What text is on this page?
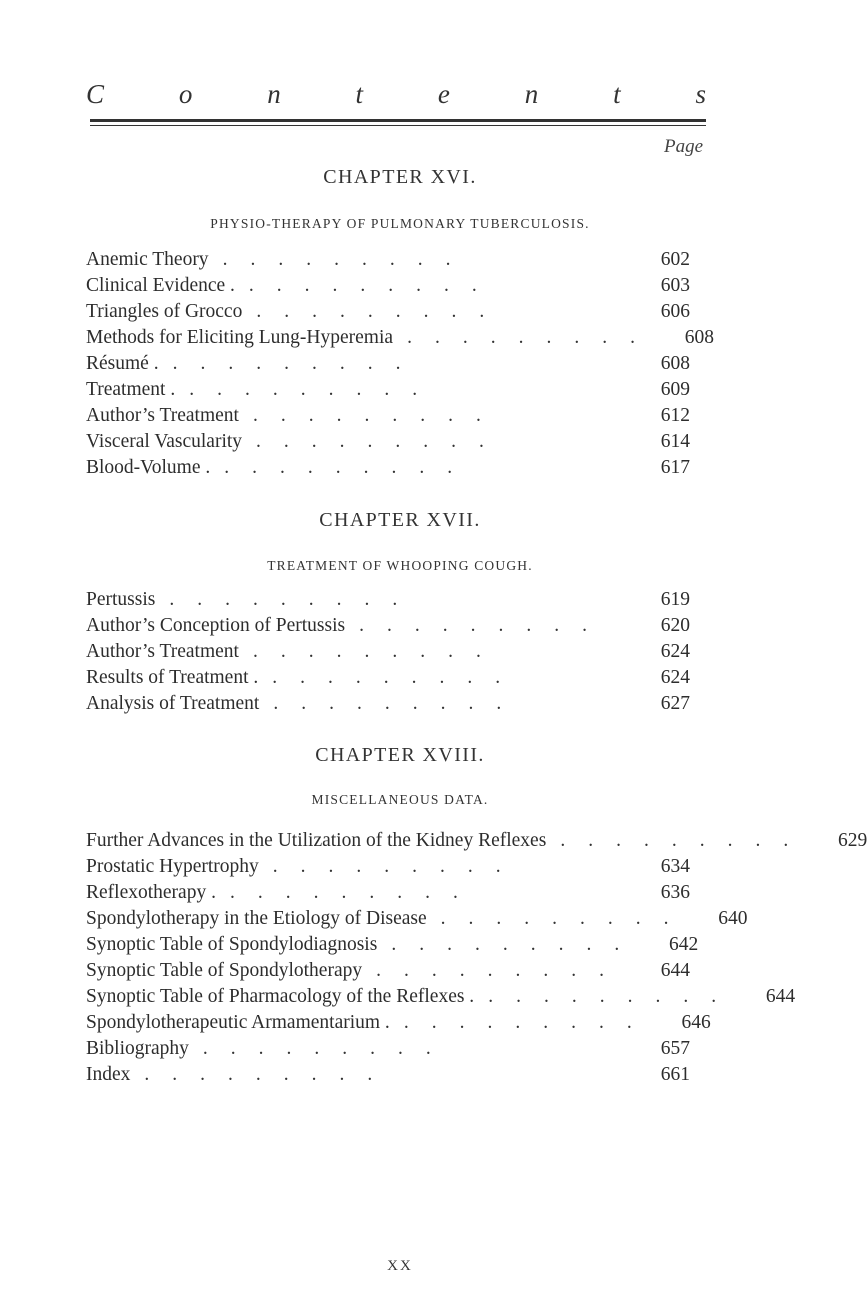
C	o	n	t	e	n	t	s
Page
CHAPTER XVI.
PHYSIO-THERAPY OF PULMONARY TUBERCULOSIS.
Anemic Theory .........	602
Clinical Evidence . .........	603
Triangles of Grocco .........	606
Methods for Eliciting Lung-Hyperemia .........	608
Résumé . .........	608
Treatment . .........	609
Author’s Treatment .........	612
Visceral Vascularity .........	614
Blood-Volume . .........	617
CHAPTER XVII.
TREATMENT OF WHOOPING COUGH.
Pertussis .........	619
Author’s Conception of Pertussis .........	620
Author’s Treatment .........	624
Results of Treatment . .........	624
Analysis of Treatment .........	627
CHAPTER XVIII.
MISCELLANEOUS DATA.
Further Advances in the Utilization of the Kidney Reflexes .........	629
Prostatic Hypertrophy .........	634
Reflexotherapy . .........	636
Spondylotherapy in the Etiology of Disease .........	640
Synoptic Table of Spondylodiagnosis .........	642
Synoptic Table of Spondylotherapy .........	644
Synoptic Table of Pharmacology of the Reflexes . .........	644
Spondylotherapeutic Armamentarium . .........	646
Bibliography .........	657
Index .........	661
XX
